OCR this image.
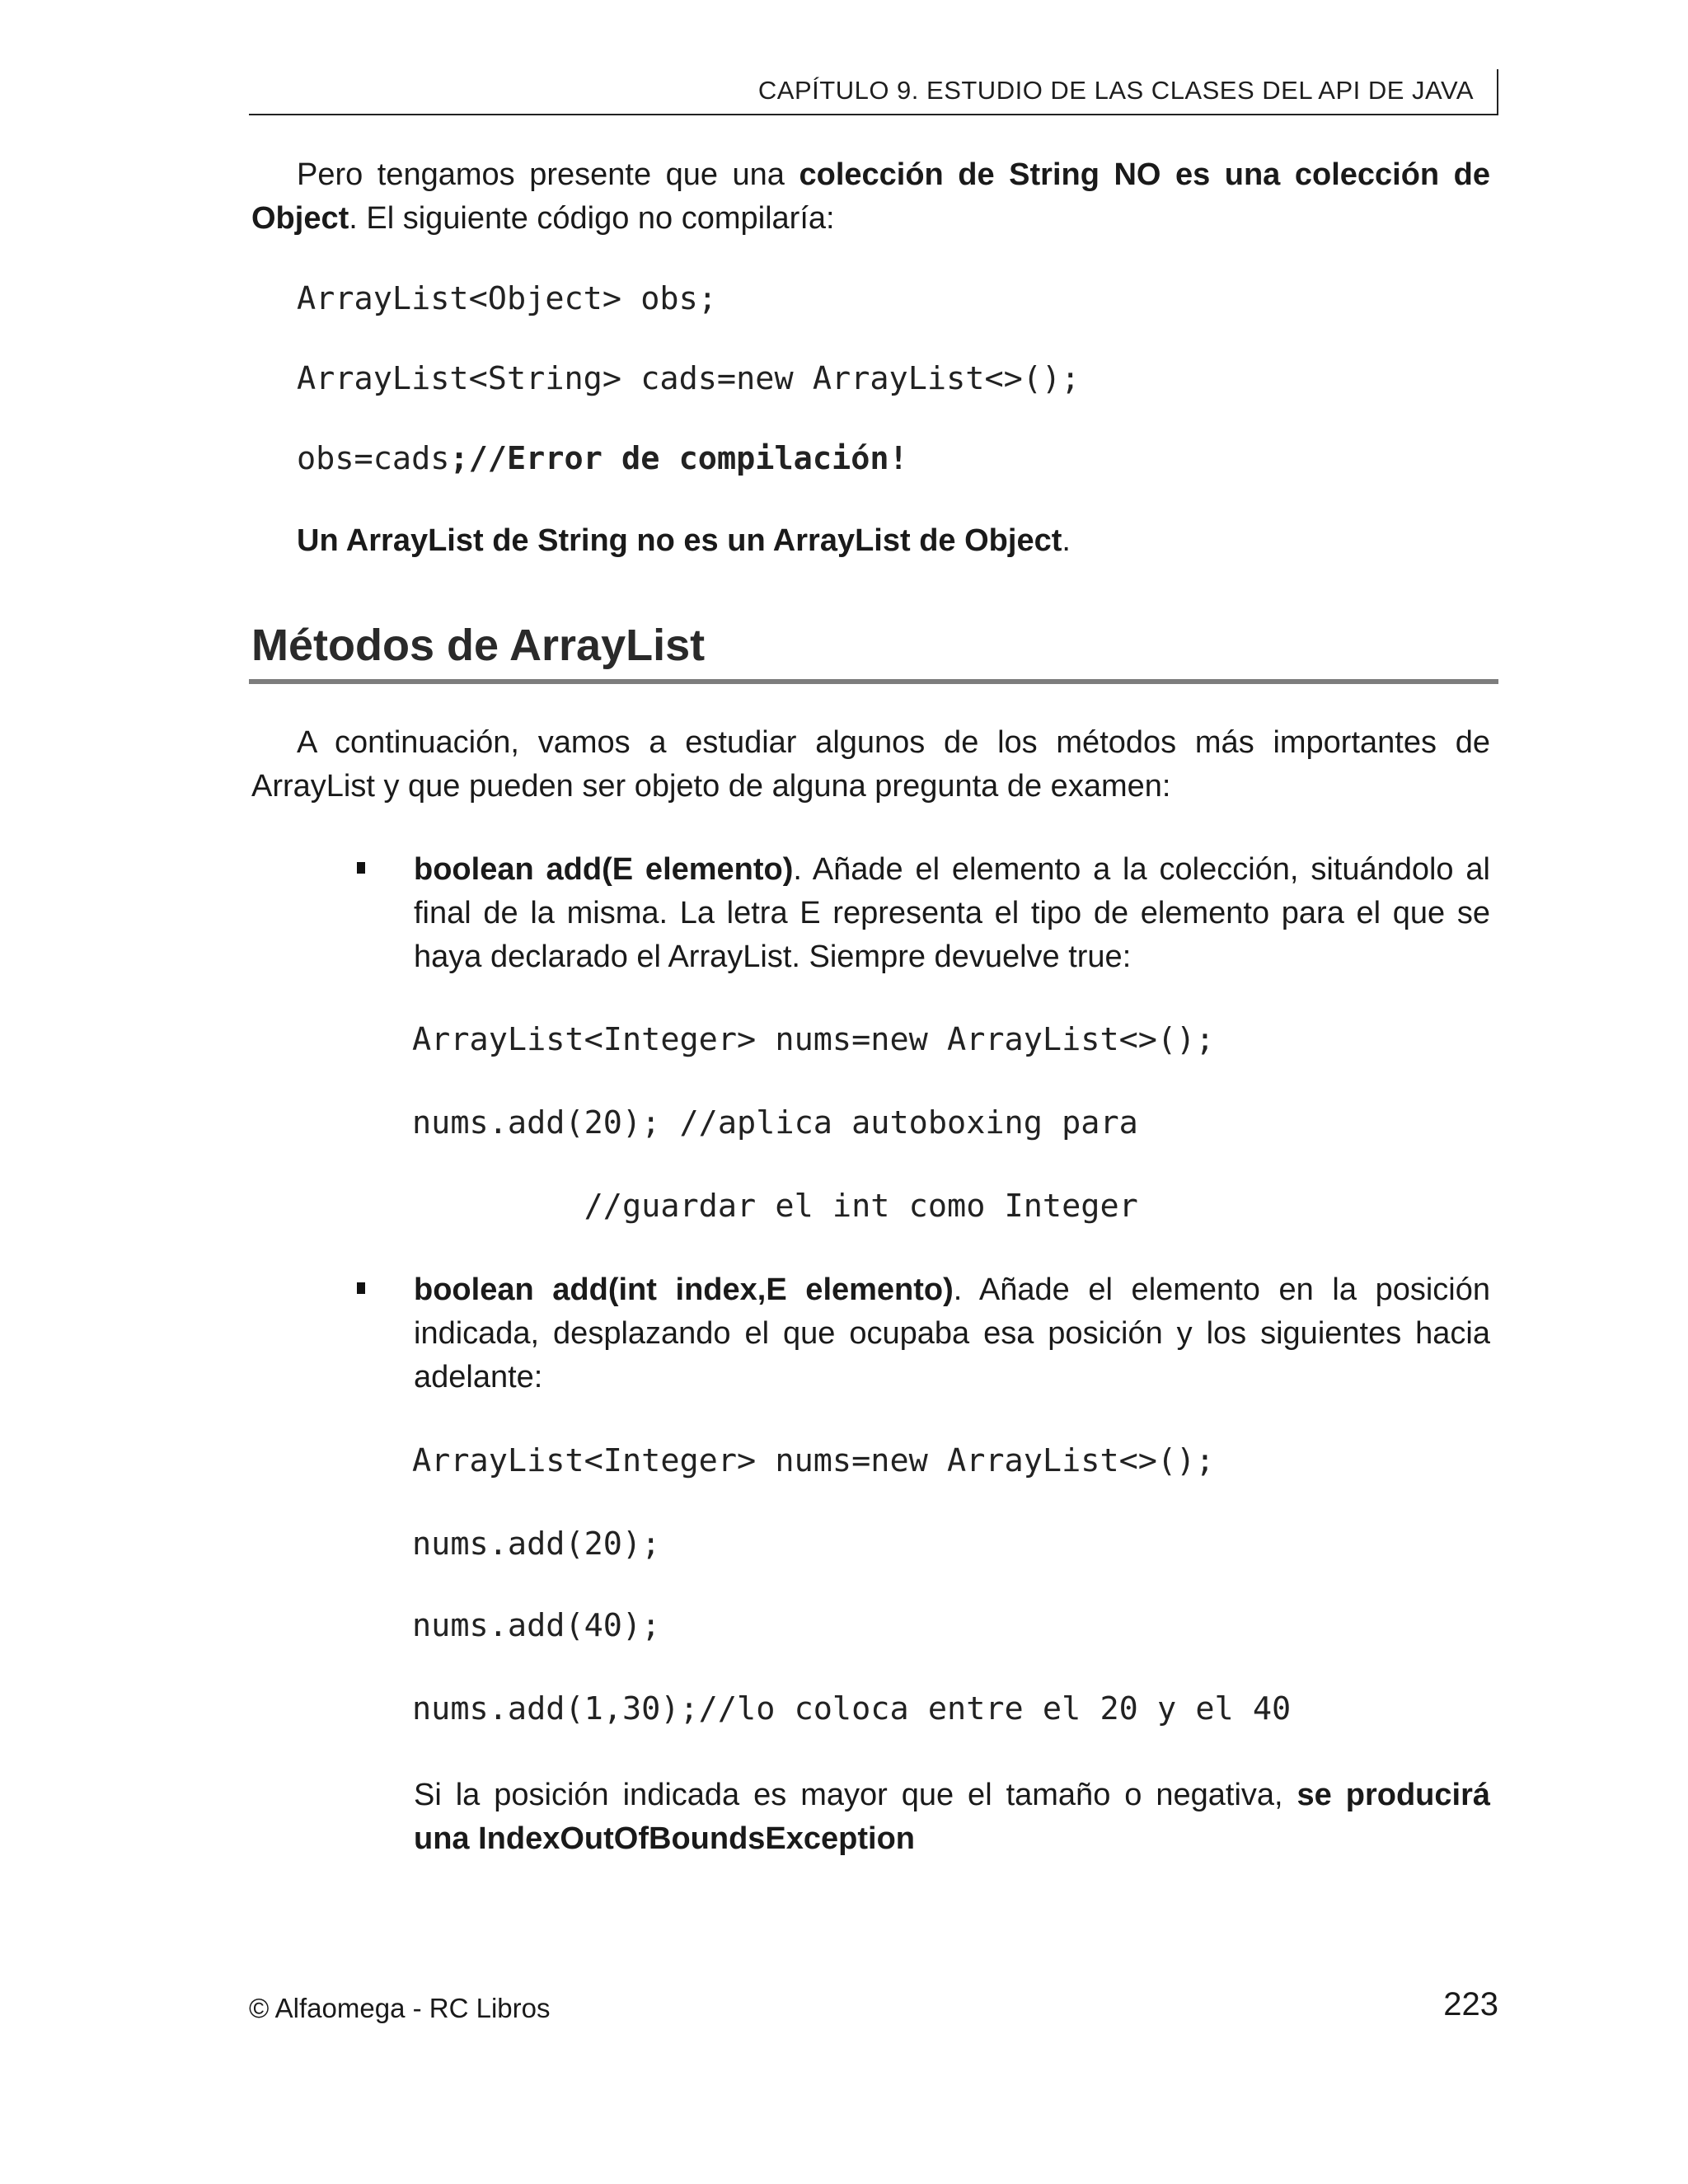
CAPÍTULO 9. ESTUDIO DE LAS CLASES DEL API DE JAVA

Pero tengamos presente que una colección de String NO es una colección de Object. El siguiente código no compilaría:

ArrayList<Object> obs;
ArrayList<String> cads=new ArrayList<>();
obs=cads;//Error de compilación!
Un ArrayList de String no es un ArrayList de Object.
Métodos de ArrayList

A continuación, vamos a estudiar algunos de los métodos más importantes de ArrayList y que pueden ser objeto de alguna pregunta de examen:

boolean add(E elemento). Añade el elemento a la colección, situándolo al final de la misma. La letra E representa el tipo de elemento para el que se haya declarado el ArrayList. Siempre devuelve true:

ArrayList<Integer> nums=new ArrayList<>();
nums.add(20); //aplica autoboxing para
//guardar el int como Integer

boolean add(int index,E elemento). Añade el elemento en la posición indicada, desplazando el que ocupaba esa posición y los siguientes hacia adelante:

ArrayList<Integer> nums=new ArrayList<>();
nums.add(20);
nums.add(40);
nums.add(1,30);//lo coloca entre el 20 y el 40

Si la posición indicada es mayor que el tamaño o negativa, se producirá una IndexOutOfBoundsException

© Alfaomega - RC Libros	223
